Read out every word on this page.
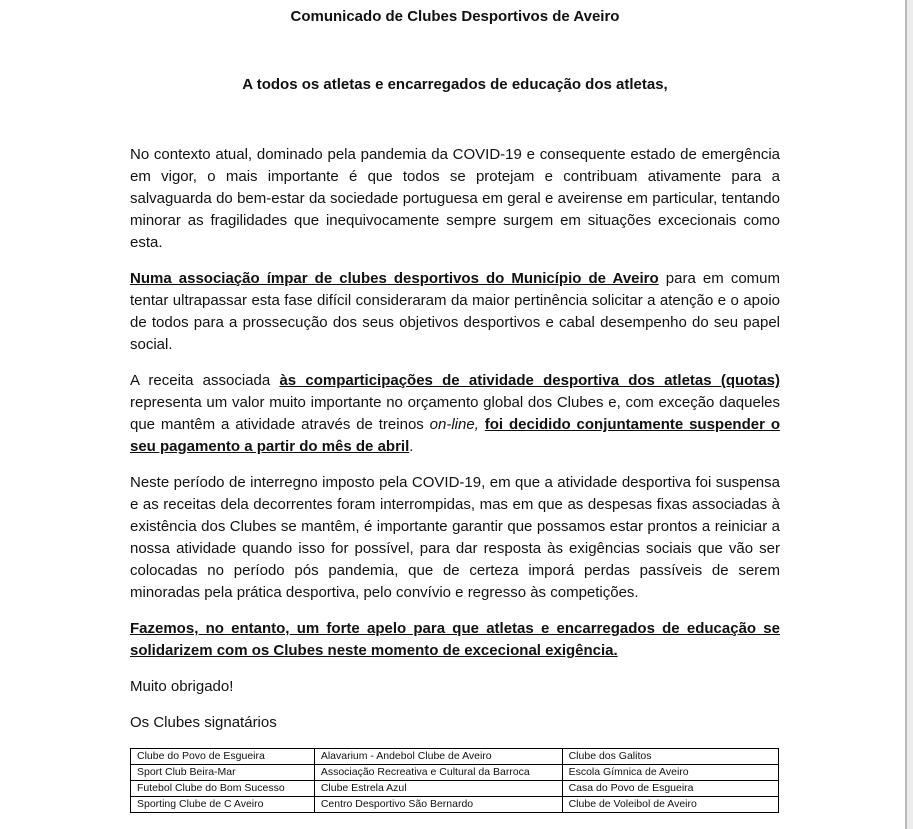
Comunicado de Clubes Desportivos de Aveiro
A todos os atletas e encarregados de educação dos atletas,

No contexto atual, dominado pela pandemia da COVID-19 e consequente estado de emergência em vigor, o mais importante é que todos se protejam e contribuam ativamente para a salvaguarda do bem-estar da sociedade portuguesa em geral e aveirense em particular, tentando minorar as fragilidades que inequivocamente sempre surgem em situações excecionais como esta.

Numa associação ímpar de clubes desportivos do Município de Aveiro para em comum tentar ultrapassar esta fase difícil consideraram da maior pertinência solicitar a atenção e o apoio de todos para a prossecução dos seus objetivos desportivos e cabal desempenho do seu papel social.

A receita associada às comparticipações de atividade desportiva dos atletas (quotas) representa um valor muito importante no orçamento global dos Clubes e, com exceção daqueles que mantêm a atividade através de treinos on-line, foi decidido conjuntamente suspender o seu pagamento a partir do mês de abril.

Neste período de interregno imposto pela COVID-19, em que a atividade desportiva foi suspensa e as receitas dela decorrentes foram interrompidas, mas em que as despesas fixas associadas à existência dos Clubes se mantêm, é importante garantir que possamos estar prontos a reiniciar a nossa atividade quando isso for possível, para dar resposta às exigências sociais que vão ser colocadas no período pós pandemia, que de certeza imporá perdas passíveis de serem minoradas pela prática desportiva, pelo convívio e regresso às competições.

Fazemos, no entanto, um forte apelo para que atletas e encarregados de educação se solidarizem com os Clubes neste momento de excecional exigência.

Muito obrigado!

Os Clubes signatários

Clube do Povo de Esgueira	Alavarium - Andebol Clube de Aveiro	Clube dos Galitos
Sport Club Beira-Mar	Associação Recreativa e Cultural da Barroca	Escola Gímnica de Aveiro
Futebol Clube do Bom Sucesso	Clube Estrela Azul	Casa do Povo de Esgueira
Sporting Clube de C Aveiro	Centro Desportivo São Bernardo	Clube de Voleibol de Aveiro
